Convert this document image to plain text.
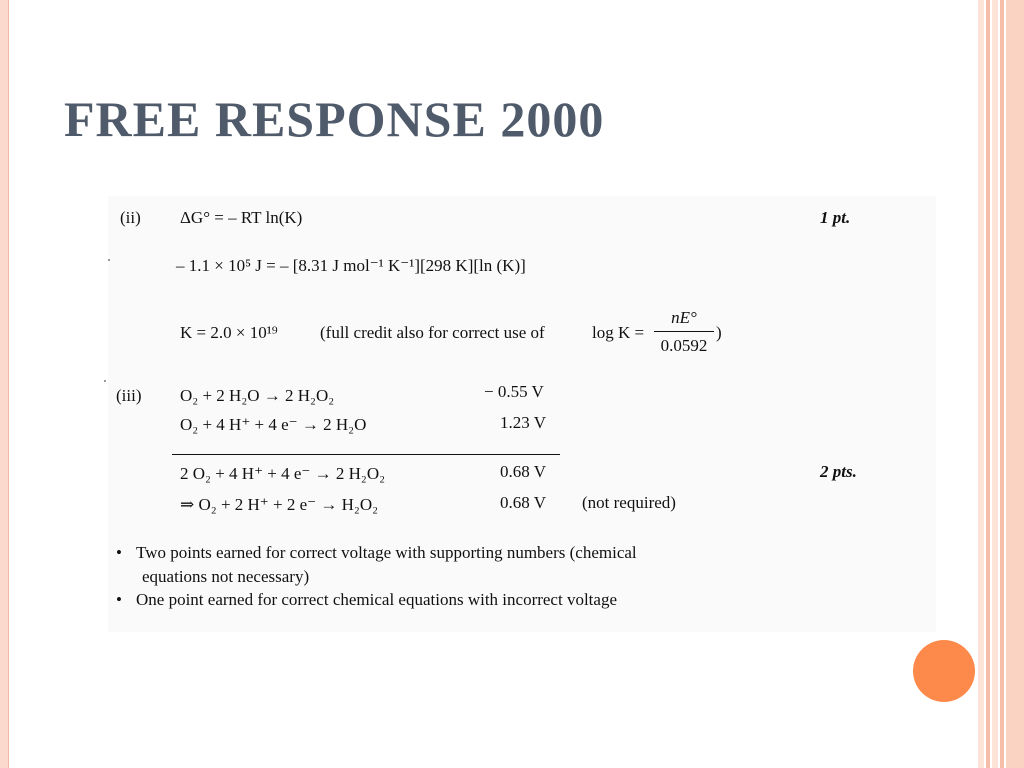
FREE RESPONSE 2000
(ii) ΔG° = – RT ln(K)	1 pt.
– 1.1 × 10⁵ J = – [8.31 J mol⁻¹ K⁻¹][298 K][ln (K)]
K = 2.0 × 10¹⁹ (full credit also for correct use of	log K =
nE°
0.0592
)
(iii) O₂ + 2 H₂O → 2 H₂O₂	− 0.55 V
O₂ + 4 H⁺ + 4 e⁻ → 2 H₂O	1.23 V
2 O₂ + 4 H⁺ + 4 e⁻ → 2 H₂O₂	0.68 V	2 pts.
⇒ O₂ + 2 H⁺ + 2 e⁻ → H₂O₂	0.68 V (not required)
• Two points earned for correct voltage with supporting numbers (chemical
equations not necessary)
• One point earned for correct chemical equations with incorrect voltage
